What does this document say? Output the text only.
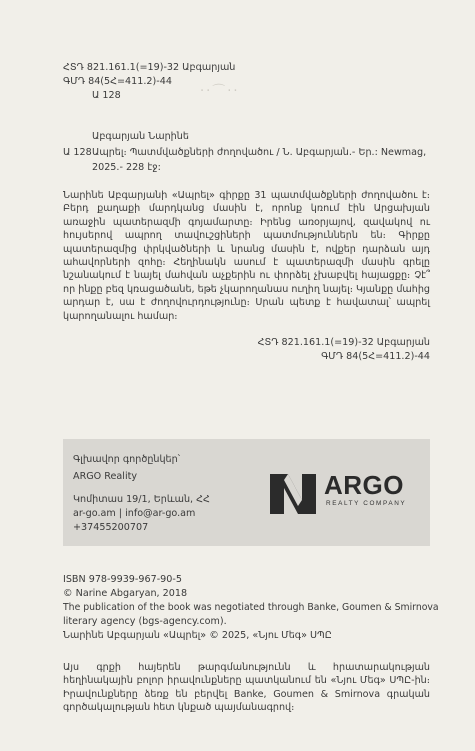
··⌒··
ՀՏԴ 821.161.1(=19)-32 Աբգարյան
ԳՄԴ 84(5Հ=411.2)-44
Ա 128
Աբգարյան Նարինե
Ա 128 Ապրել։ Պատմվածքների ժողովածու / Ն. Աբգարյան.- Եր.: Newmag,
2025.- 228 էջ:
Նարինե Աբգարյանի «Ապրել» գիրքը 31 պատմվածքների ժողովածու է։ Բերդ քաղաքի մարդկանց մասին է, որոնք կռում էին Արցախյան առաջին պատերազմի գոյամարտը։ Իրենց առօրյայով, զավակով ու հույսերով ապրող տավուշցիների պատմություններն են։ Գիրքը պատերազմից փրկվածների և նրանց մասին է, ովքեր դարձան այդ ահավորների զոհը։ Հեղինակն ասում է պատերազմի մասին գրելը նշանակում է նայել մահվան աչքերին ու փորձել չխաբվել հայացքը։ Չէ՞ որ ինքը բեզ կռացածանե, եթե չկարողանաս ուղիղ նայել։ Կյանքը մահից արդար է, սա է ժողովուրդությունը։ Սրան պետք է հավատալ՝ ապրել կարողանալու համար։
ՀՏԴ 821.161.1(=19)-32 Աբգարյան
ԳՄԴ 84(5Հ=411.2)-44
Գլխավոր գործընկեր՝
ARGO Reality
Կոմիտաս 19/1, Երևան, ՀՀ
ar-go.am | info@ar-go.am
+37455200707
ARGO
REALTY COMPANY
ISBN 978-9939-967-90-5
© Narine Abgaryan, 2018
The publication of the book was negotiated through Banke, Goumen & Smirnova
literary agency (bgs-agency.com).
Նարինե Աբգարյան «Ապրել» © 2025, «Նյու Մեգ» ՍՊԸ
Այս գրքի հայերեն թարգմանությունն և հրատարակության հեղինակային բոլոր իրավունքները պատկանում են «Նյու Մեգ» ՍՊԸ-ին։ Իրավունքները ձեռք են բերվել Banke, Goumen & Smirnova գրական գործակալության հետ կնքած պայմանագրով։
